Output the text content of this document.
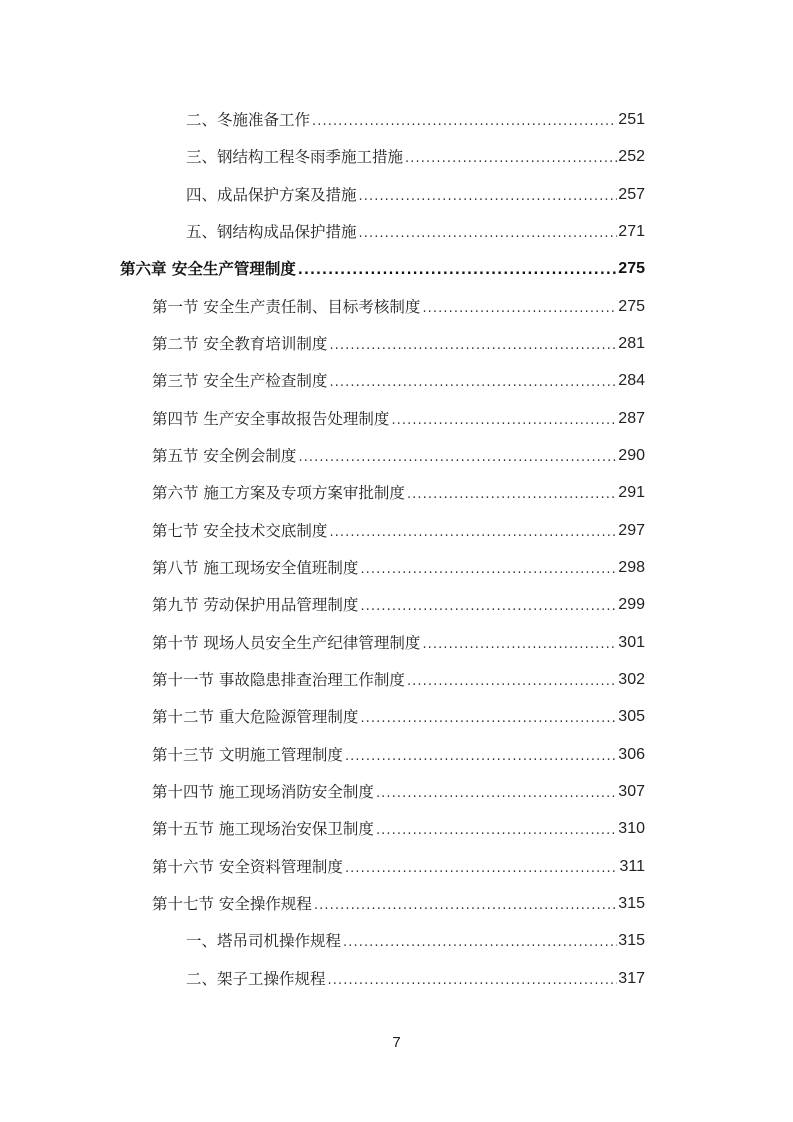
二、冬施准备工作 .....	251
三、钢结构工程冬雨季施工措施 .....	252
四、成品保护方案及措施 .....	257
五、钢结构成品保护措施 .....	271
第六章 安全生产管理制度 .....	275
第一节 安全生产责任制、目标考核制度 .....	275
第二节 安全教育培训制度 .....	281
第三节 安全生产检查制度 .....	284
第四节 生产安全事故报告处理制度 .....	287
第五节 安全例会制度 .....	290
第六节 施工方案及专项方案审批制度 .....	291
第七节 安全技术交底制度 .....	297
第八节 施工现场安全值班制度 .....	298
第九节 劳动保护用品管理制度 .....	299
第十节 现场人员安全生产纪律管理制度 .....	301
第十一节 事故隐患排查治理工作制度 .....	302
第十二节 重大危险源管理制度 .....	305
第十三节 文明施工管理制度 .....	306
第十四节 施工现场消防安全制度 .....	307
第十五节 施工现场治安保卫制度 .....	310
第十六节 安全资料管理制度 .....	311
第十七节 安全操作规程 .....	315
一、塔吊司机操作规程 .....	315
二、架子工操作规程 .....	317
7
